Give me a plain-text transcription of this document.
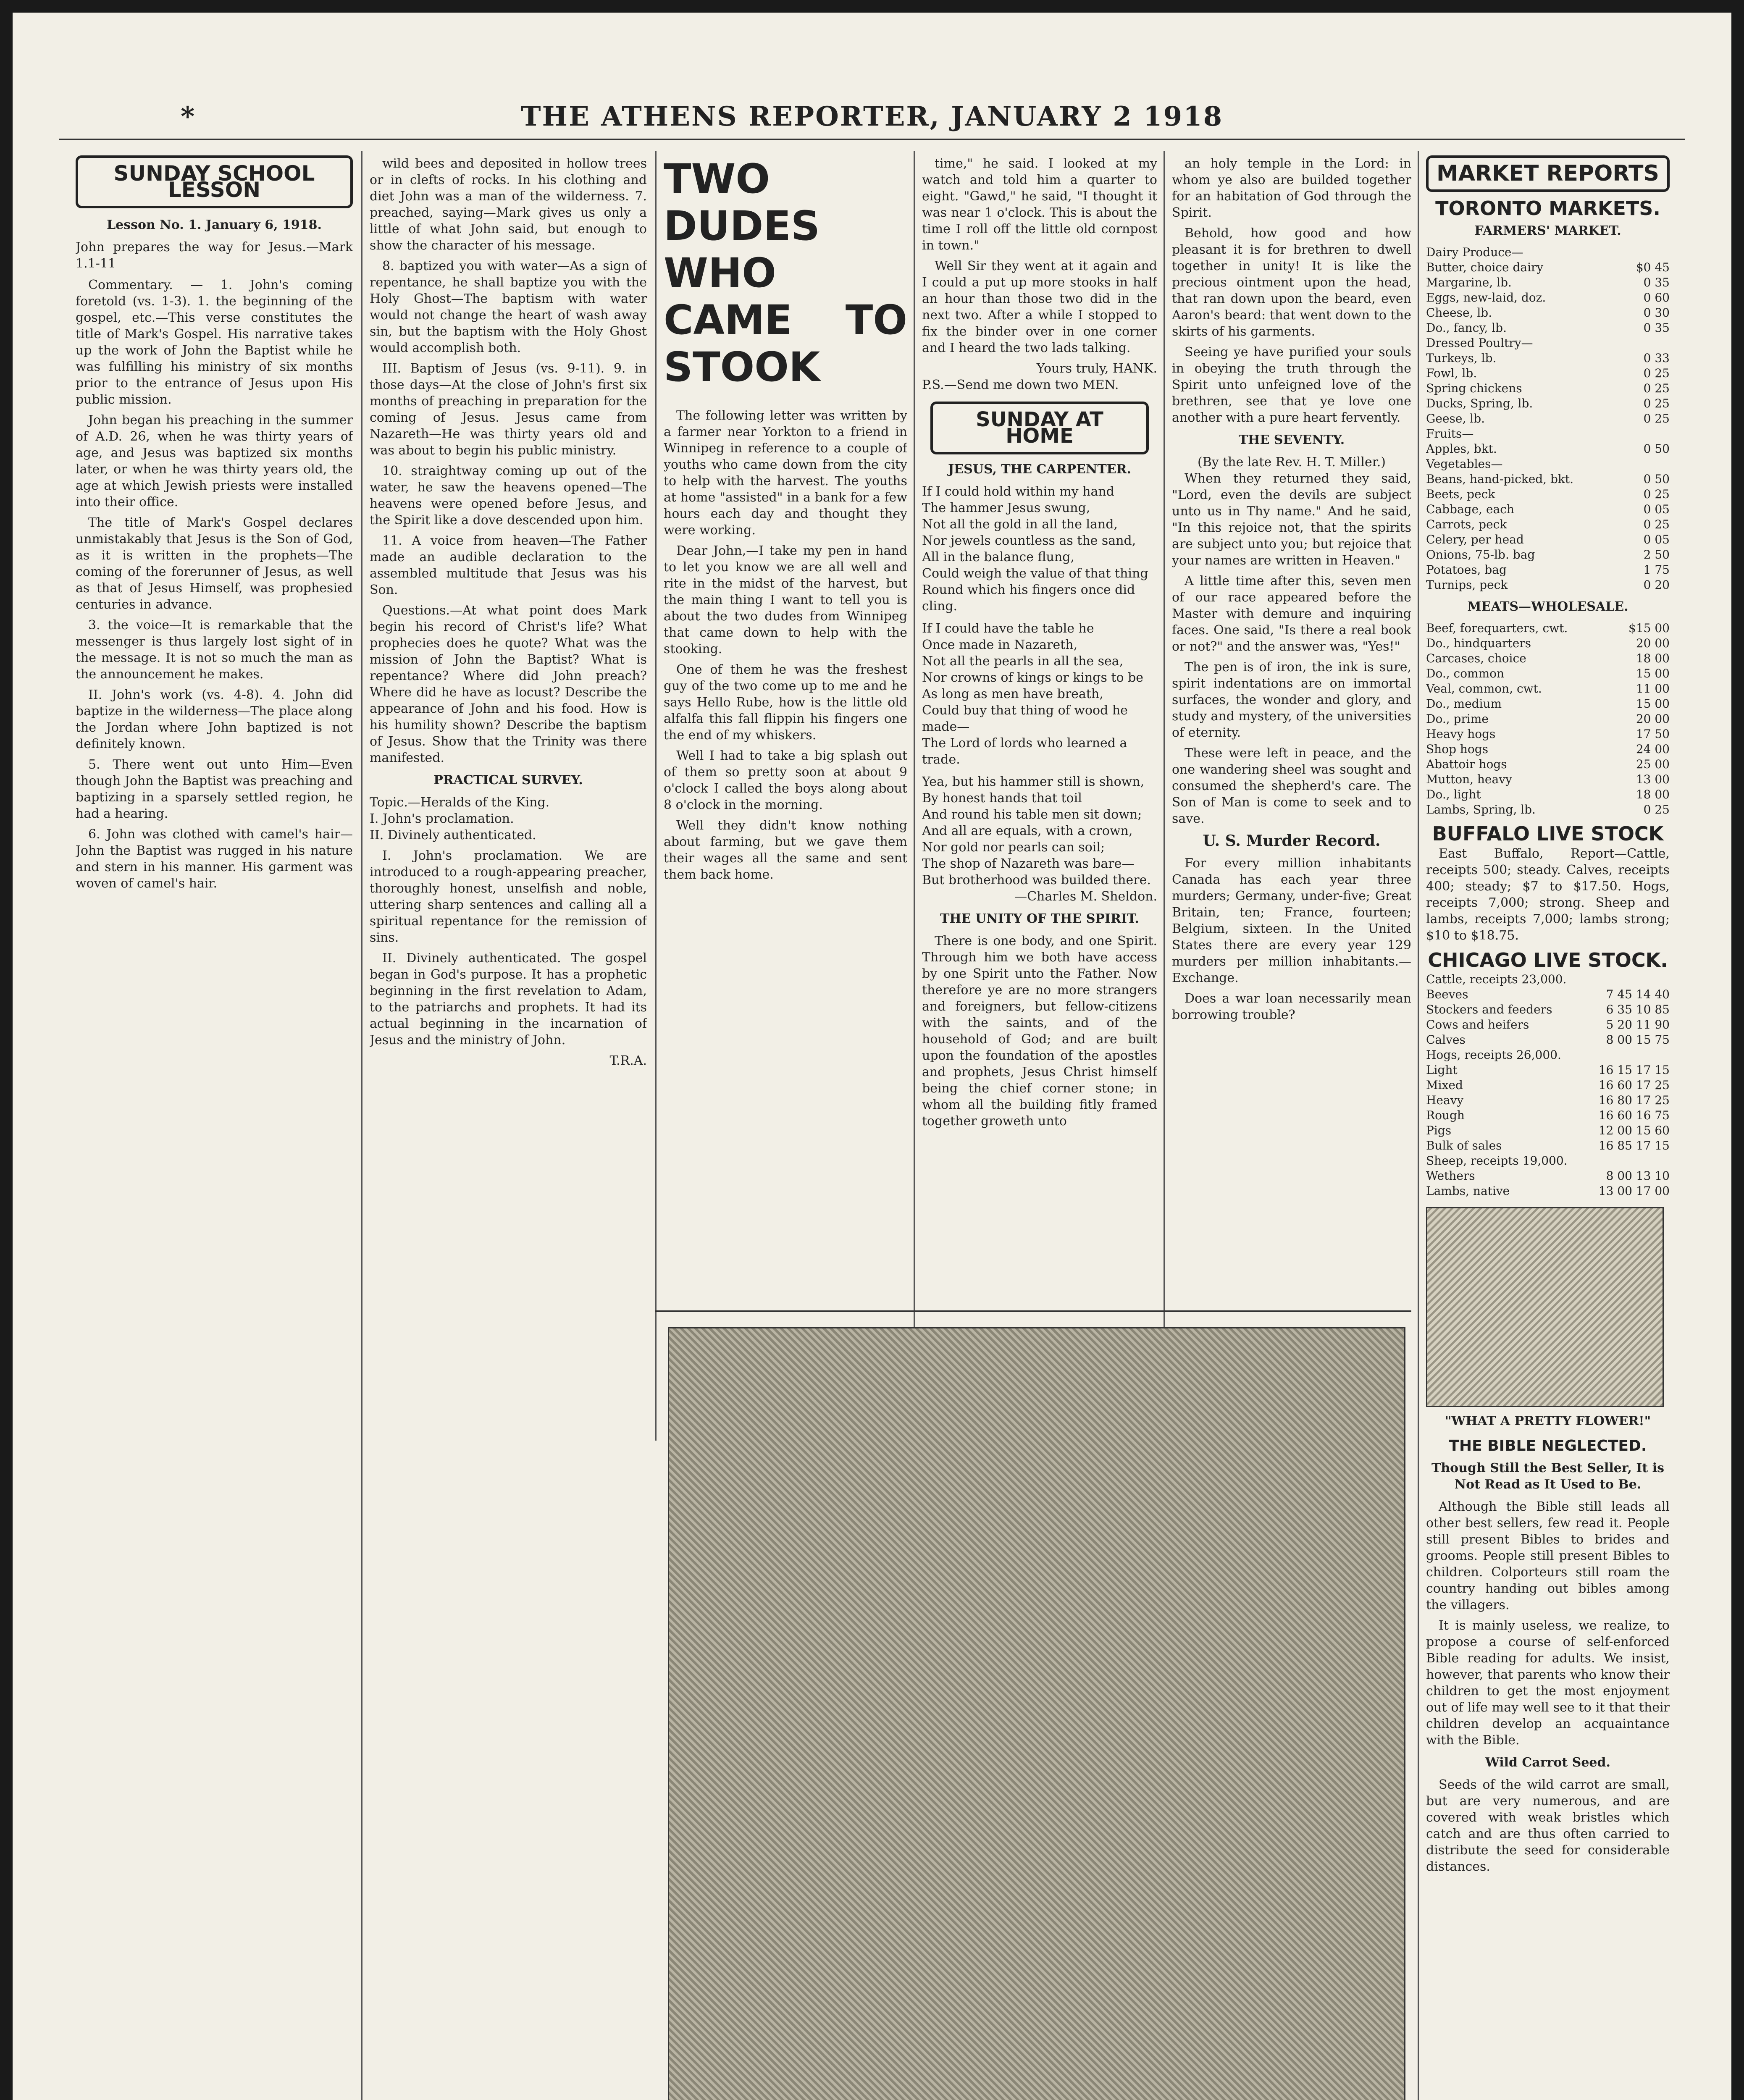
*	THE ATHENS REPORTER, JANUARY 2 1918
SUNDAY SCHOOL LESSON
Lesson No. 1. January 6, 1918.
John prepares the way for Jesus.—Mark 1.1-11

Commentary. — 1. John's coming foretold (vs. 1-3). 1. the beginning of the gospel, etc.—This verse constitutes the title of Mark's Gospel. His narrative takes up the work of John the Baptist while he was fulfilling his ministry of six months prior to the entrance of Jesus upon His public mission.

John began his preaching in the summer of A.D. 26, when he was thirty years of age, and Jesus was baptized six months later, or when he was thirty years old, the age at which Jewish priests were installed into their office.

The title of Mark's Gospel declares unmistakably that Jesus is the Son of God, as it is written in the prophets—The coming of the forerunner of Jesus, as well as that of Jesus Himself, was prophesied centuries in advance.

3. the voice—It is remarkable that the messenger is thus largely lost sight of in the message. It is not so much the man as the announcement he makes.

II. John's work (vs. 4-8). 4. John did baptize in the wilderness—The place along the Jordan where John baptized is not definitely known.

5. There went out unto Him—Even though John the Baptist was preaching and baptizing in a sparsely settled region, he had a hearing.

6. John was clothed with camel's hair—John the Baptist was rugged in his nature and stern in his manner. His garment was woven of camel's hair.

wild bees and deposited in hollow trees or in clefts of rocks. In his clothing and diet John was a man of the wilderness. 7. preached, saying—Mark gives us only a little of what John said, but enough to show the character of his message.

8. baptized you with water—As a sign of repentance, he shall baptize you with the Holy Ghost—The baptism with water would not change the heart of wash away sin, but the baptism with the Holy Ghost would accomplish both.

III. Baptism of Jesus (vs. 9-11). 9. in those days—At the close of John's first six months of preaching in preparation for the coming of Jesus. Jesus came from Nazareth—He was thirty years old and was about to begin his public ministry.

10. straightway coming up out of the water, he saw the heavens opened—The heavens were opened before Jesus, and the Spirit like a dove descended upon him.

11. A voice from heaven—The Father made an audible declaration to the assembled multitude that Jesus was his Son.

Questions.—At what point does Mark begin his record of Christ's life? What prophecies does he quote? What was the mission of John the Baptist? What is repentance? Where did John preach? Where did he have as locust? Describe the appearance of John and his food. How is his humility shown? Describe the baptism of Jesus. Show that the Trinity was there manifested.

PRACTICAL SURVEY.
Topic.—Heralds of the King.
I. John's proclamation.
II. Divinely authenticated.

I. John's proclamation. We are introduced to a rough-appearing preacher, thoroughly honest, unselfish and noble, uttering sharp sentences and calling all a spiritual repentance for the remission of sins.

II. Divinely authenticated. The gospel began in God's purpose. It has a prophetic beginning in the first revelation to Adam, to the patriarchs and prophets. It had its actual beginning in the incarnation of Jesus and the ministry of John.

T.R.A.
TWO DUDES WHO CAME TO STOOK

The following letter was written by a farmer near Yorkton to a friend in Winnipeg in reference to a couple of youths who came down from the city to help with the harvest. The youths at home "assisted" in a bank for a few hours each day and thought they were working.

Dear John,—I take my pen in hand to let you know we are all well and rite in the midst of the harvest, but the main thing I want to tell you is about the two dudes from Winnipeg that came down to help with the stooking.

One of them he was the freshest guy of the two come up to me and he says Hello Rube, how is the little old alfalfa this fall flippin his fingers one the end of my whiskers.

Well I had to take a big splash out of them so pretty soon at about 9 o'clock I called the boys along about 8 o'clock in the morning.

Well they didn't know nothing about farming, but we gave them their wages all the same and sent them back home.

time," he said. I looked at my watch and told him a quarter to eight. "Gawd," he said, "I thought it was near 1 o'clock. This is about the time I roll off the little old cornpost in town."

Well Sir they went at it again and I could a put up more stooks in half an hour than those two did in the next two. After a while I stopped to fix the binder over in one corner and I heard the two lads talking.

Yours truly, HANK.
P.S.—Send me down two MEN.
SUNDAY AT HOME
JESUS, THE CARPENTER.
If I could hold within my hand
The hammer Jesus swung,
Not all the gold in all the land,
Nor jewels countless as the sand,
All in the balance flung,
Could weigh the value of that thing
Round which his fingers once did cling.
If I could have the table he
Once made in Nazareth,
Not all the pearls in all the sea,
Nor crowns of kings or kings to be
As long as men have breath,
Could buy that thing of wood he made—
The Lord of lords who learned a trade.
Yea, but his hammer still is shown,
By honest hands that toil
And round his table men sit down;
And all are equals, with a crown,
Nor gold nor pearls can soil;
The shop of Nazareth was bare—
But brotherhood was builded there.
—Charles M. Sheldon.
THE UNITY OF THE SPIRIT.

There is one body, and one Spirit. Through him we both have access by one Spirit unto the Father. Now therefore ye are no more strangers and foreigners, but fellow-citizens with the saints, and of the household of God; and are built upon the foundation of the apostles and prophets, Jesus Christ himself being the chief corner stone; in whom all the building fitly framed together groweth unto

an holy temple in the Lord: in whom ye also are builded together for an habitation of God through the Spirit.

Behold, how good and how pleasant it is for brethren to dwell together in unity! It is like the precious ointment upon the head, that ran down upon the beard, even Aaron's beard: that went down to the skirts of his garments.

Seeing ye have purified your souls in obeying the truth through the Spirit unto unfeigned love of the brethren, see that ye love one another with a pure heart fervently.

THE SEVENTY.
(By the late Rev. H. T. Miller.)

When they returned they said, "Lord, even the devils are subject unto us in Thy name." And he said, "In this rejoice not, that the spirits are subject unto you; but rejoice that your names are written in Heaven."

A little time after this, seven men of our race appeared before the Master with demure and inquiring faces. One said, "Is there a real book or not?" and the answer was, "Yes!"

The pen is of iron, the ink is sure, spirit indentations are on immortal surfaces, the wonder and glory, and study and mystery, of the universities of eternity.

These were left in peace, and the one wandering sheel was sought and consumed the shepherd's care. The Son of Man is come to seek and to save.

U. S. Murder Record.

For every million inhabitants Canada has each year three murders; Germany, under-five; Great Britain, ten; France, fourteen; Belgium, sixteen. In the United States there are every year 129 murders per million inhabitants.—Exchange.

Does a war loan necessarily mean borrowing trouble?

MARKET REPORTS
TORONTO MARKETS.
FARMERS' MARKET.
Dairy Produce—
Butter, choice dairy	$0 45
Margarine, lb.	0 35
Eggs, new-laid, doz.	0 60
Cheese, lb.	0 30
Do., fancy, lb.	0 35
Dressed Poultry—
Turkeys, lb.	0 33
Fowl, lb.	0 25
Spring chickens	0 25
Ducks, Spring, lb.	0 25
Geese, lb.	0 25
Fruits—
Apples, bkt.	0 50
Vegetables—
Beans, hand-picked, bkt.	0 50
Beets, peck	0 25
Cabbage, each	0 05
Carrots, peck	0 25
Celery, per head	0 05
Onions, 75-lb. bag	2 50
Potatoes, bag	1 75
Turnips, peck	0 20
MEATS—WHOLESALE.
Beef, forequarters, cwt.	$15 00
Do., hindquarters	20 00
Carcases, choice	18 00
Do., common	15 00
Veal, common, cwt.	11 00
Do., medium	15 00
Do., prime	20 00
Heavy hogs	17 50
Shop hogs	24 00
Abattoir hogs	25 00
Mutton, heavy	13 00
Do., light	18 00
Lambs, Spring, lb.	0 25
BUFFALO LIVE STOCK

East Buffalo, Report—Cattle, receipts 500; steady. Calves, receipts 400; steady; $7 to $17.50. Hogs, receipts 7,000; strong. Sheep and lambs, receipts 7,000; lambs strong; $10 to $18.75.

CHICAGO LIVE STOCK.
Cattle, receipts 23,000.
Beeves	7 45 14 40
Stockers and feeders	6 35 10 85
Cows and heifers	5 20 11 90
Calves	8 00 15 75
Hogs, receipts 26,000.
Light	16 15 17 15
Mixed	16 60 17 25
Heavy	16 80 17 25
Rough	16 60 16 75
Pigs	12 00 15 60
Bulk of sales	16 85 17 15
Sheep, receipts 19,000.
Wethers	8 00 13 10
Lambs, native	13 00 17 00
"WHAT A PRETTY FLOWER!"
THE BIBLE NEGLECTED.
Though Still the Best Seller, It is Not Read as It Used to Be.

Although the Bible still leads all other best sellers, few read it. People still present Bibles to brides and grooms. People still present Bibles to children. Colporteurs still roam the country handing out bibles among the villagers.

It is mainly useless, we realize, to propose a course of self-enforced Bible reading for adults. We insist, however, that parents who know their children to get the most enjoyment out of life may well see to it that their children develop an acquaintance with the Bible.

Wild Carrot Seed.

Seeds of the wild carrot are small, but are very numerous, and are covered with weak bristles which catch and are thus often carried to distribute the seed for considerable distances.
